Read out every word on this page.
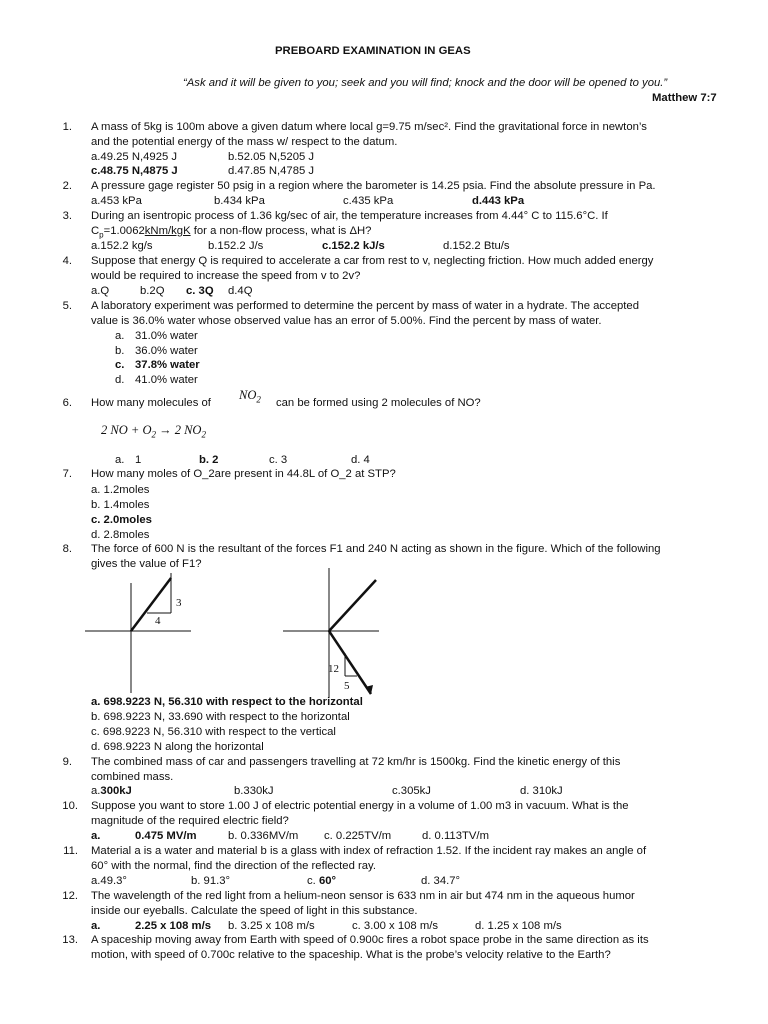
PREBOARD EXAMINATION IN GEAS
“Ask and it will be given to you; seek and you will find; knock and the door will be opened to you.”
Matthew 7:7
1. A mass of 5kg is 100m above a given datum where local g=9.75 m/sec². Find the gravitational force in newton’s
and the potential energy of the mass w/ respect to the datum.
a.49.25 N,4925 J	b.52.05 N,5205 J
c.48.75 N,4875 J	d.47.85 N,4785 J
2. A pressure gage register 50 psig in a region where the barometer is 14.25 psia. Find the absolute pressure in Pa.
a.453 kPa	b.434 kPa	c.435 kPa	d.443 kPa
3. During an isentropic process of 1.36 kg/sec of air, the temperature increases from 4.44° C to 115.6°C. If
$C_p=1.0062kNm$/kgK for a non-flow process, what is ΔH?
a.152.2 kg/s	b.152.2 J/s	c.152.2 kJ/s	d.152.2 Btu/s
4. Suppose that energy Q is required to accelerate a car from rest to v, neglecting friction. How much added energy
would be required to increase the speed from v to 2v?
a.Q	b.2Q c. 3Q d.4Q
5. A laboratory experiment was performed to determine the percent by mass of water in a hydrate. The accepted
value is 36.0% water whose observed value has an error of 5.00%. Find the percent by mass of water.
a. 31.0% water
b. 36.0% water
c. 37.8% water
d. 41.0% water
6. How many molecules of
$NO_2$ can be formed using 2 molecules of NO?
2 NO + $O_2 \to 2$ $NO_2$
a. 1	b. 2	c. 3	d. 4
7. How many moles of O_2are present in 44.8L of O_2 at STP?
a. 1.2moles
b. 1.4moles
c. 2.0moles
d. 2.8moles
8. The force of 600 N is the resultant of the forces F1 and 240 N acting as shown in the figure. Which of the following
gives the value of F1?
3
4
12
5
a. 698.9223 N, 56.310 with respect to the horizontal
b. 698.9223 N, 33.690 with respect to the horizontal
c. 698.9223 N, 56.310 with respect to the vertical
d. 698.9223 N along the horizontal
9. The combined mass of car and passengers travelling at 72 km/hr is 1500kg. Find the kinetic energy of this
combined mass.
a.300kJ	b.330kJ	c.305kJ	d. 310kJ
10. Suppose you want to store 1.00 J of electric potential energy in a volume of 1.00 m3 in vacuum. What is the
magnitude of the required electric field?
a.	0.475 MV/m	b. 0.336MV/m c. 0.225TV/m	d. 0.113TV/m
11. Material a is a water and material b is a glass with index of refraction 1.52. If the incident ray makes an angle of
60° with the normal, find the direction of the reflected ray.
a.49.3°	b. 91.3°	c. 60°	d. 34.7°
12. The wavelength of the red light from a helium-neon sensor is 633 nm in air but 474 nm in the aqueous humor
inside our eyeballs. Calculate the speed of light in this substance.
a.	2.25 x 108 m/s b. 3.25 x 108 m/s	c. 3.00 x 108 m/s	d. 1.25 x 108 m/s
13. A spaceship moving away from Earth with speed of 0.900c fires a robot space probe in the same direction as its
motion, with speed of 0.700c relative to the spaceship. What is the probe’s velocity relative to the Earth?
